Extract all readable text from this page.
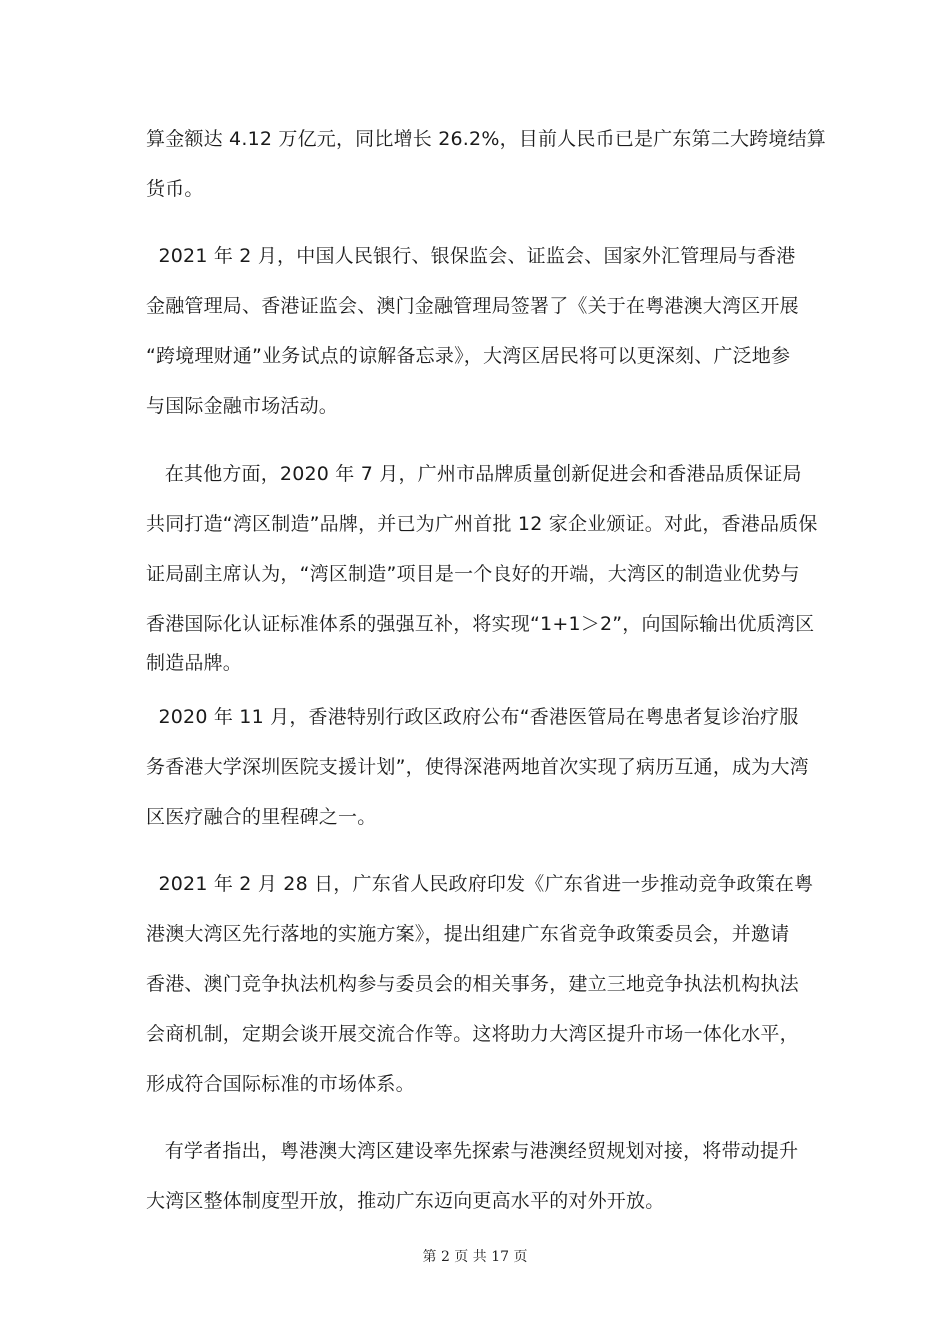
算金额达 4.12 万亿元，同比增长 26.2%，目前人民币已是广东第二大跨境结算
货币。
2021 年 2 月，中国人民银行、银保监会、证监会、国家外汇管理局与香港
金融管理局、香港证监会、澳门金融管理局签署了《关于在粤港澳大湾区开展
“跨境理财通”业务试点的谅解备忘录》，大湾区居民将可以更深刻、广泛地参
与国际金融市场活动。
在其他方面，2020 年 7 月，广州市品牌质量创新促进会和香港品质保证局
共同打造“湾区制造”品牌，并已为广州首批 12 家企业颁证。对此，香港品质保
证局副主席认为，“湾区制造”项目是一个良好的开端，大湾区的制造业优势与
香港国际化认证标准体系的强强互补，将实现“1+1＞2”，向国际输出优质湾区
制造品牌。
2020 年 11 月，香港特别行政区政府公布“香港医管局在粤患者复诊治疗服
务香港大学深圳医院支援计划”，使得深港两地首次实现了病历互通，成为大湾
区医疗融合的里程碑之一。
2021 年 2 月 28 日，广东省人民政府印发《广东省进一步推动竞争政策在粤
港澳大湾区先行落地的实施方案》，提出组建广东省竞争政策委员会，并邀请
香港、澳门竞争执法机构参与委员会的相关事务，建立三地竞争执法机构执法
会商机制，定期会谈开展交流合作等。这将助力大湾区提升市场一体化水平，
形成符合国际标准的市场体系。
有学者指出，粤港澳大湾区建设率先探索与港澳经贸规划对接，将带动提升
大湾区整体制度型开放，推动广东迈向更高水平的对外开放。
第 2 页 共 17 页
